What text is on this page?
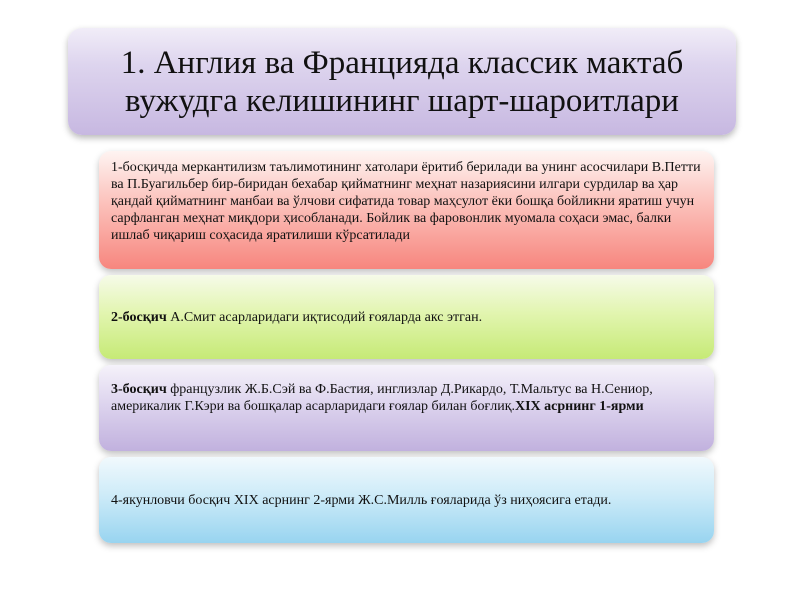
1. Англия ва Францияда классик мактаб
вужудга келишининг шарт-шароитлари

1-босқичда меркантилизм таълимотининг хатолари ёритиб берилади ва унинг асосчилари В.Петти ва П.Буагильбер бир-биридан бехабар қийматнинг меҳнат назариясини илгари сурдилар ва ҳар қандай қийматнинг манбаи ва ўлчови сифатида товар маҳсулот ёки бошқа бойликни яратиш учун сарфланган меҳнат миқдори ҳисобланади. Бойлик ва фаровонлик муомала соҳаси эмас, балки ишлаб чиқариш соҳасида яратилиши кўрсатилади

2-босқич А.Смит асарларидаги иқтисодий ғояларда акс этган.

3-босқич французлик Ж.Б.Сэй ва Ф.Бастия, инглизлар Д.Рикардо, Т.Мальтус ва Н.Сениор, америкалик Г.Кэри ва бошқалар асарларидаги ғоялар билан боғлиқ.XIX асрнинг 1-ярми

4-якунловчи босқич XIX асрнинг 2-ярми Ж.С.Милль ғояларида ўз ниҳоясига етади.
